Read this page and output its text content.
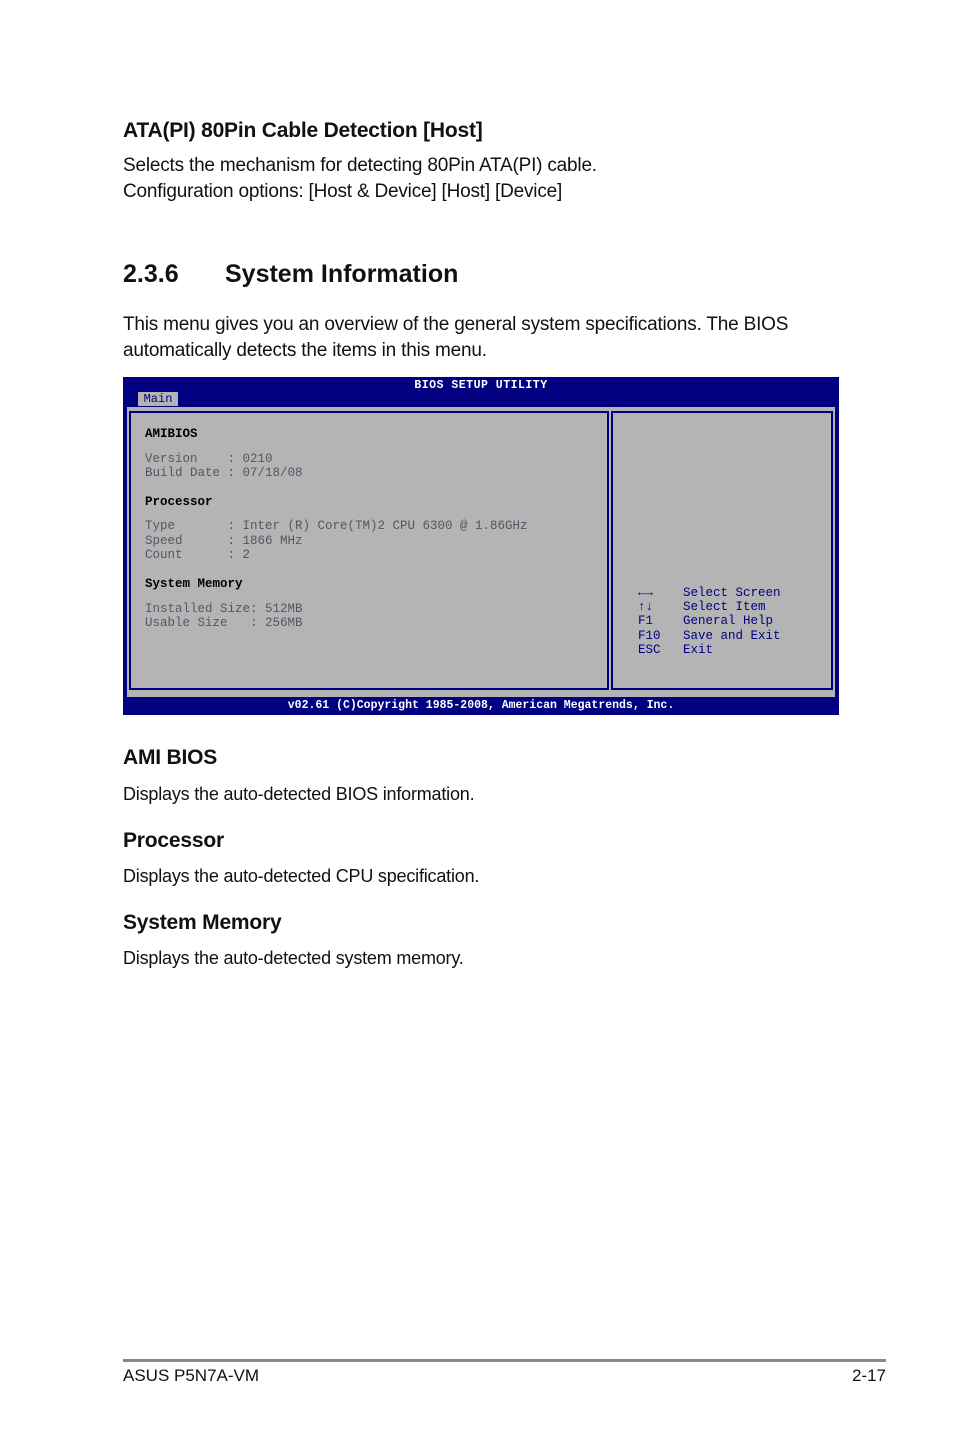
ATA(PI) 80Pin Cable Detection [Host]

Selects the mechanism for detecting 80Pin ATA(PI) cable.

Configuration options: [Host & Device] [Host] [Device]

2.3.6 System Information

This menu gives you an overview of the general system specifications. The BIOS

automatically detects the items in this menu.

BIOS SETUP UTILITY
Main
AMIBIOS
Version    : 0210
Build Date : 07/18/08
Processor
Type       : Inter (R) Core(TM)2 CPU 6300 @ 1.86GHz
Speed      : 1866 MHz
Count      : 2
System Memory
Installed Size: 512MB
Usable Size   : 256MB
←→ Select Screen
↑↓ Select Item
F1 General Help
F10 Save and Exit
ESC Exit
v02.61 (C)Copyright 1985-2008, American Megatrends, Inc.
AMI BIOS

Displays the auto-detected BIOS information.

Processor

Displays the auto-detected CPU specification.

System Memory

Displays the auto-detected system memory.

ASUS P5N7A-VM	2-17
